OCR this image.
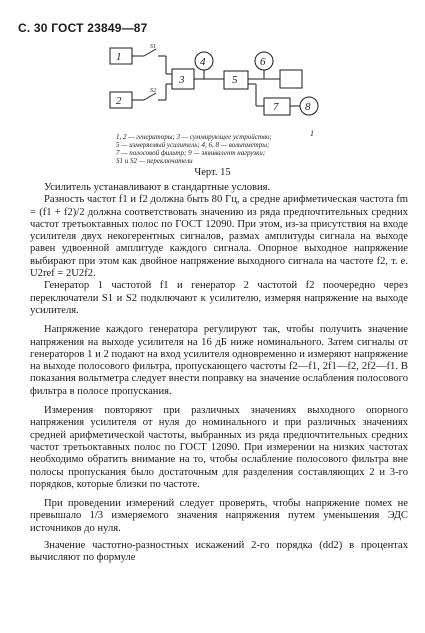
С. 30 ГОСТ 23849—87
1
2
3
4
5
6
7 8
S1
S2
1
1, 2 — генераторы; 3 — суммирующее устройство;
5 — измеряемый усилитель; 4, 6, 8 — вольтметры;
7 — полосовой фильтр; 9 — эквивалент нагрузки;
S1 и S2 — переключатели
Черт. 15

Усилитель устанавливают в стандартные условия.

Разность частот f1 и f2 должна быть 80 Гц, а средне арифметическая частота fm = (f1 + f2)/2 должна соответствовать значению из ряда предпочтительных средних частот третьоктавных полос по ГОСТ 12090. При этом, из-за присутствия на входе усилителя двух некогерентных сигналов, размах амплитуды сигнала на выходе равен удвоенной амплитуде каждого сигнала. Опорное выходное напряжение выбирают при этом как двойное напряжение выходного сигнала на частоте f2, т. е. U2ref = 2U2f2.

Генератор 1 частотой f1 и генератор 2 частотой f2 поочередно через переключатели S1 и S2 подключают к усилителю, измеряя напряжение на выходе усилителя.

Напряжение каждого генератора регулируют так, чтобы получить значение напряжения на выходе усилителя на 16 дБ ниже номинального. Затем сигналы от генераторов 1 и 2 подают на вход усилителя одновременно и измеряют напряжение на выходе полосового фильтра, пропускающего частоты f2—f1, 2f1—f2, 2f2—f1. В показания вольтметра следует внести поправку на значение ослабления полосового фильтра в полосе пропускания.

Измерения повторяют при различных значениях выходного опорного напряжения усилителя от нуля до номинального и при различных значениях средней арифметической частоты, выбранных из ряда предпочтительных средних частот третьоктавных полос по ГОСТ 12090. При измерении на низких частотах необходимо обратить внимание на то, чтобы ослабление полосового фильтра вне полосы пропускания было достаточным для разделения составляющих 2 и 3-го порядков, которые близки по частоте.

При проведении измерений следует проверять, чтобы напряжение помех не превышало 1/3 измеряемого значения напряжения путем уменьшения ЭДС источников до нуля.

Значение частотно-разностных искажений 2-го порядка (dd2) в процентах вычисляют по формуле
